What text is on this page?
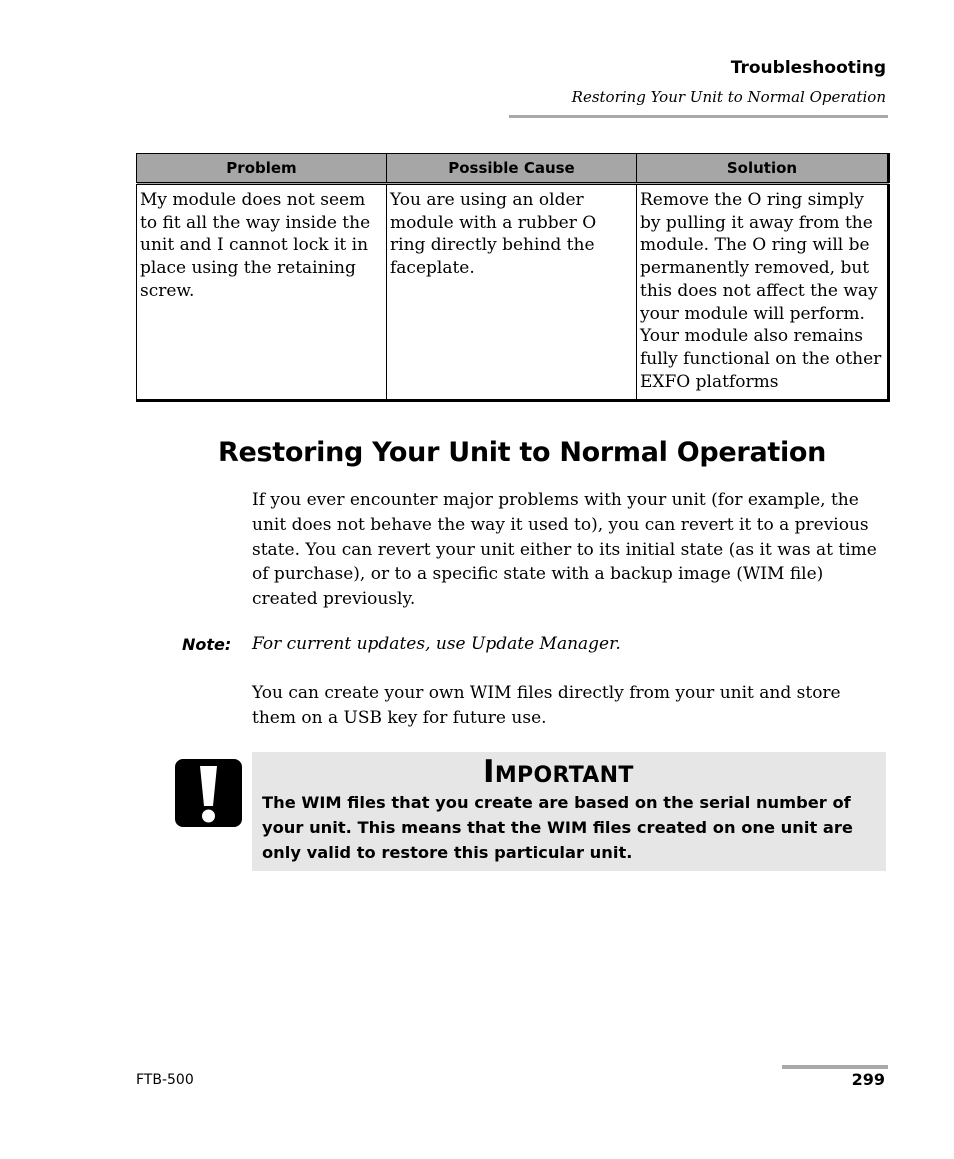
Troubleshooting
Restoring Your Unit to Normal Operation
Problem	Possible Cause	Solution
My module does not seem to fit all the way inside the unit and I cannot lock it in place using the retaining screw.	You are using an older module with a rubber O ring directly behind the faceplate.	Remove the O ring simply by pulling it away from the module. The O ring will be permanently removed, but this does not affect the way your module will perform. Your module also remains fully functional on the other EXFO platforms
Restoring Your Unit to Normal Operation
If you ever encounter major problems with your unit (for example, the unit does not behave the way it used to), you can revert it to a previous state. You can revert your unit either to its initial state (as it was at time of purchase), or to a specific state with a backup image (WIM file) created previously.
Note: For current updates, use Update Manager.
You can create your own WIM files directly from your unit and store them on a USB key for future use.
Important
The WIM files that you create are based on the serial number of your unit. This means that the WIM files created on one unit are only valid to restore this particular unit.
FTB-500	299
